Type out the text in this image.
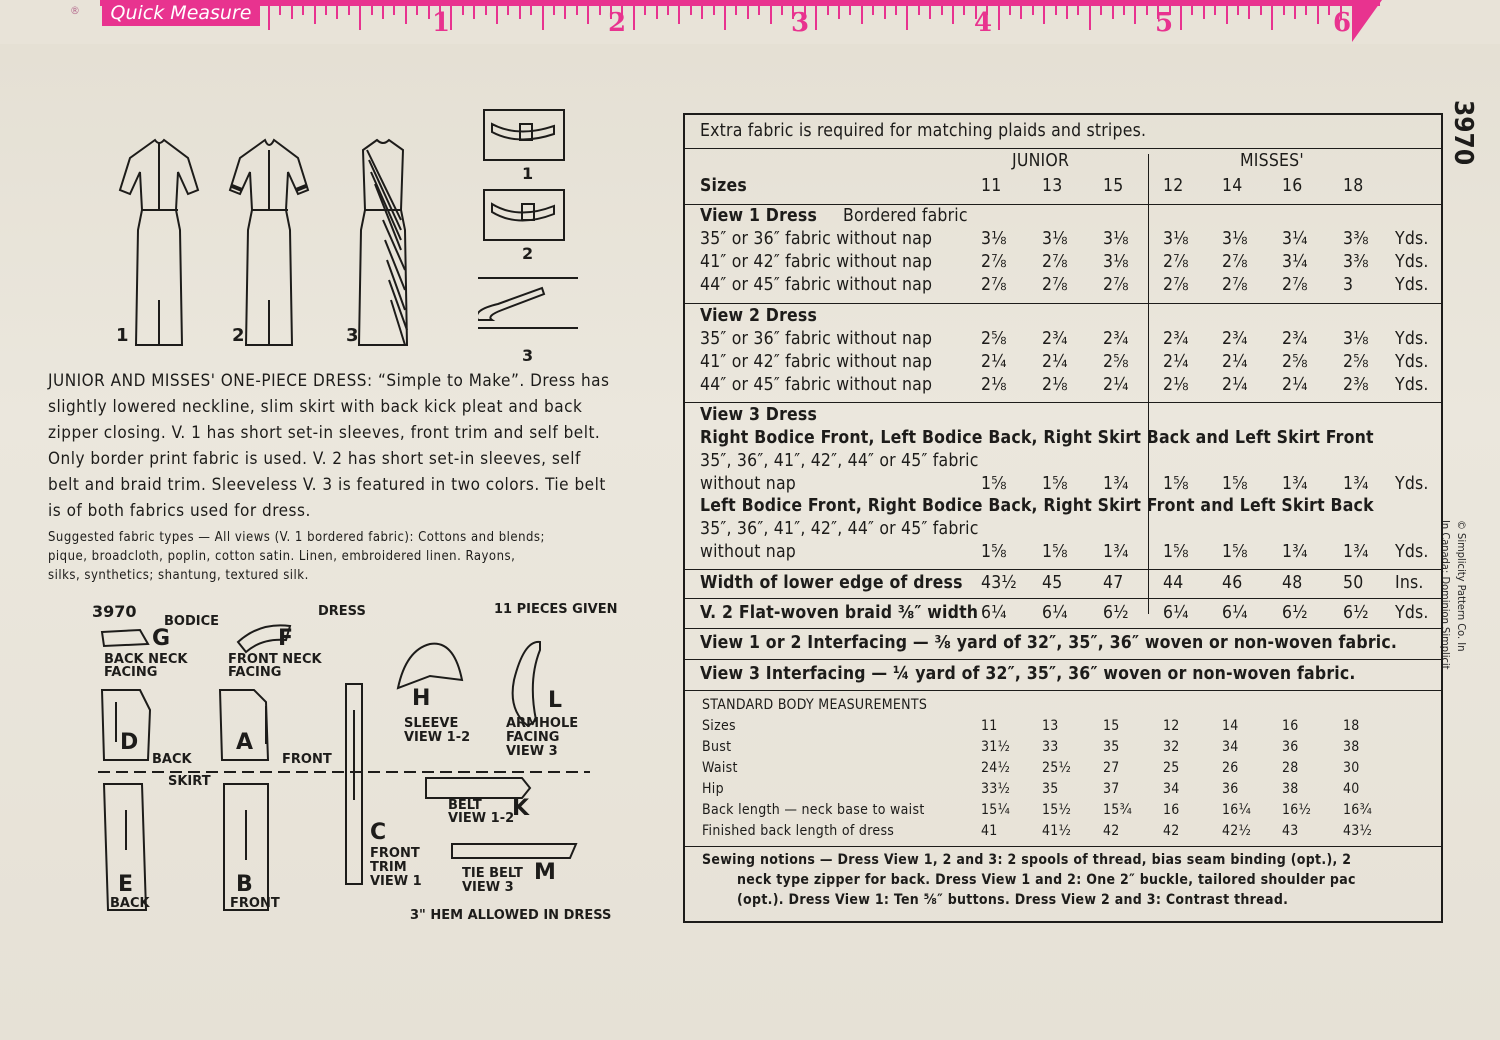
®	Quick Measure	1	2	3	4	5	6
3970
© Simplicity Pattern Co. In
In Canada: Dominion Simplicit
1	2	3
1
2
3
JUNIOR AND MISSES' ONE-PIECE DRESS: “Simple to Make”. Dress has
slightly lowered neckline, slim skirt with back kick pleat and back
zipper closing. V. 1 has short set-in sleeves, front trim and self belt.
Only border print fabric is used. V. 2 has short set-in sleeves, self
belt and braid trim. Sleeveless V. 3 is featured in two colors. Tie belt
is of both fabrics used for dress.
Suggested fabric types — All views (V. 1 bordered fabric): Cottons and blends;
pique, broadcloth, poplin, cotton satin. Linen, embroidered linen. Rayons,
silks, synthetics; shantung, textured silk.
3970
BODICE
DRESS	11 PIECES GIVEN
G
BACK NECK
FACING
F
FRONT NECK
FACING
D
BACK
A
FRONT
SKIRT
H
SLEEVE
VIEW 1-2
L
ARMHOLE
FACING
VIEW 3
BELT
VIEW 1-2
K
C
FRONT
TRIM
VIEW 1
TIE BELT
VIEW 3
M
E
BACK
B
FRONT
3" HEM ALLOWED IN DRESS
Extra fabric is required for matching plaids and stripes.
JUNIOR	MISSES'
Sizes	11 13 15 12 14 16 18
View 1 Dress Bordered fabric
35″ or 36″ fabric without nap	3⅛ 3⅛ 3⅛ 3⅛ 3⅛ 3¼ 3⅜ Yds.
41″ or 42″ fabric without nap	2⅞ 2⅞ 3⅛ 2⅞ 2⅞ 3¼ 3⅜ Yds.
44″ or 45″ fabric without nap	2⅞ 2⅞ 2⅞ 2⅞ 2⅞ 2⅞ 3 Yds.
View 2 Dress
35″ or 36″ fabric without nap	2⅝ 2¾ 2¾ 2¾ 2¾ 2¾ 3⅛ Yds.
41″ or 42″ fabric without nap	2¼ 2¼ 2⅝ 2¼ 2¼ 2⅝ 2⅝ Yds.
44″ or 45″ fabric without nap	2⅛ 2⅛ 2¼ 2⅛ 2¼ 2¼ 2⅜ Yds.
View 3 Dress
Right Bodice Front, Left Bodice Back, Right Skirt Back and Left Skirt Front
35″, 36″, 41″, 42″, 44″ or 45″ fabric
without nap	1⅝ 1⅝ 1¾ 1⅝ 1⅝ 1¾ 1¾ Yds.
Left Bodice Front, Right Bodice Back, Right Skirt Front and Left Skirt Back
35″, 36″, 41″, 42″, 44″ or 45″ fabric
without nap	1⅝ 1⅝ 1¾ 1⅝ 1⅝ 1¾ 1¾ Yds.
Width of lower edge of dress 43½ 45 47 44 46 48 50 Ins.
V. 2 Flat-woven braid ⅜″ width 6¼ 6¼ 6½ 6¼ 6¼ 6½ 6½ Yds.
View 1 or 2 Interfacing — ⅜ yard of 32″, 35″, 36″ woven or non-woven fabric.
View 3 Interfacing — ¼ yard of 32″, 35″, 36″ woven or non-woven fabric.
STANDARD BODY MEASUREMENTS
Sizes	11	13	15	12	14	16	18
Bust	31½ 33	35	32	34	36	38
Waist	24½ 25½ 27	25	26	28	30
Hip	33½ 35	37	34	36	38	40
Back length — neck base to waist	15¼ 15½ 15¾ 16	16¼ 16½ 16¾
Finished back length of dress	41	41½ 42	42	42½ 43	43½
Sewing notions — Dress View 1, 2 and 3: 2 spools of thread, bias seam binding (opt.), 2
neck type zipper for back. Dress View 1 and 2: One 2″ buckle, tailored shoulder pac
(opt.). Dress View 1: Ten ⅝″ buttons. Dress View 2 and 3: Contrast thread.
